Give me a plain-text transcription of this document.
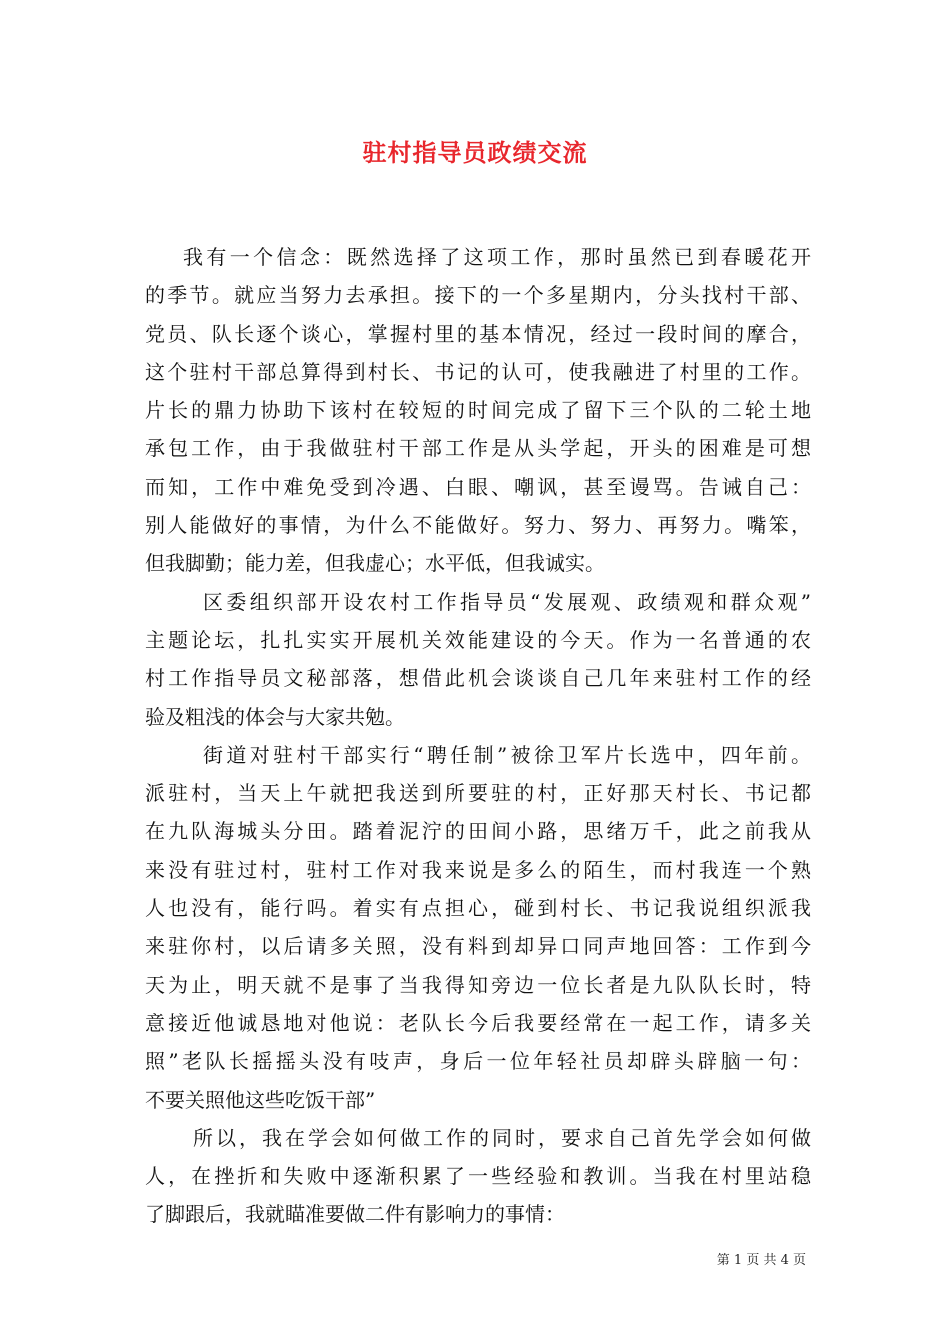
驻村指导员政绩交流

我有一个信念：既然选择了这项工作，那时虽然已到春暖花开
的季节。就应当努力去承担。接下的一个多星期内，分头找村干部、
党员、队长逐个谈心，掌握村里的基本情况，经过一段时间的摩合，
这个驻村干部总算得到村长、书记的认可，使我融进了村里的工作。
片长的鼎力协助下该村在较短的时间完成了留下三个队的二轮土地
承包工作，由于我做驻村干部工作是从头学起，开头的困难是可想
而知，工作中难免受到冷遇、白眼、嘲讽，甚至谩骂。告诫自己：
别人能做好的事情，为什么不能做好。努力、努力、再努力。嘴笨，
但我脚勤；能力差，但我虚心；水平低，但我诚实。

区委组织部开设农村工作指导员“发展观、政绩观和群众观”
主题论坛，扎扎实实开展机关效能建设的今天。作为一名普通的农
村工作指导员文秘部落，想借此机会谈谈自己几年来驻村工作的经
验及粗浅的体会与大家共勉。

街道对驻村干部实行“聘任制”被徐卫军片长选中，四年前。
派驻村，当天上午就把我送到所要驻的村，正好那天村长、书记都
在九队海城头分田。踏着泥泞的田间小路，思绪万千，此之前我从
来没有驻过村，驻村工作对我来说是多么的陌生，而村我连一个熟
人也没有，能行吗。着实有点担心，碰到村长、书记我说组织派我
来驻你村，以后请多关照，没有料到却异口同声地回答：工作到今
天为止，明天就不是事了当我得知旁边一位长者是九队队长时，特
意接近他诚恳地对他说：老队长今后我要经常在一起工作，请多关
照”老队长摇摇头没有吱声，身后一位年轻社员却辟头辟脑一句：
不要关照他这些吃饭干部”

所以，我在学会如何做工作的同时，要求自己首先学会如何做
人，在挫折和失败中逐渐积累了一些经验和教训。当我在村里站稳
了脚跟后，我就瞄准要做二件有影响力的事情：

第 1 页 共 4 页
